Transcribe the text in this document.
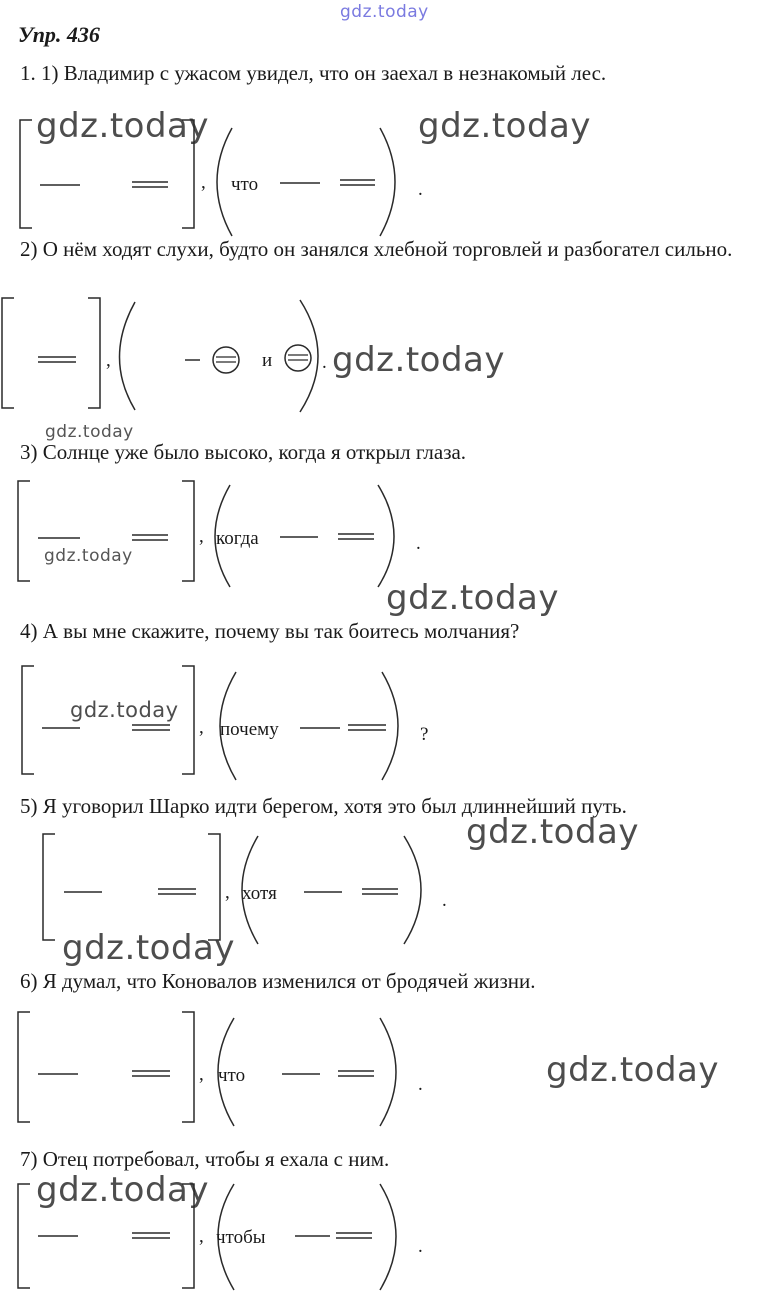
gdz.today
Упр. 436
1. 1) Владимир с ужасом увидел, что он заехал в незнакомый лес.
gdz.today	gdz.today
, что	.
2) О нём ходят слухи, будто он занялся хлебной торговлей и разбогател сильно.
,	и	. gdz.today
gdz.today
3) Солнце уже было высоко, когда я открыл глаза.
, когда	.
gdz.today
gdz.today
4) А вы мне скажите, почему вы так боитесь молчания?
, почему	?
gdz.today
5) Я уговорил Шарко идти берегом, хотя это был длиннейший путь.
gdz.today
, хотя	.
gdz.today
6) Я думал, что Коновалов изменился от бродячей жизни.
, что	.	gdz.today
7) Отец потребовал, чтобы я ехала с ним.
gdz.today
, чтобы	.
